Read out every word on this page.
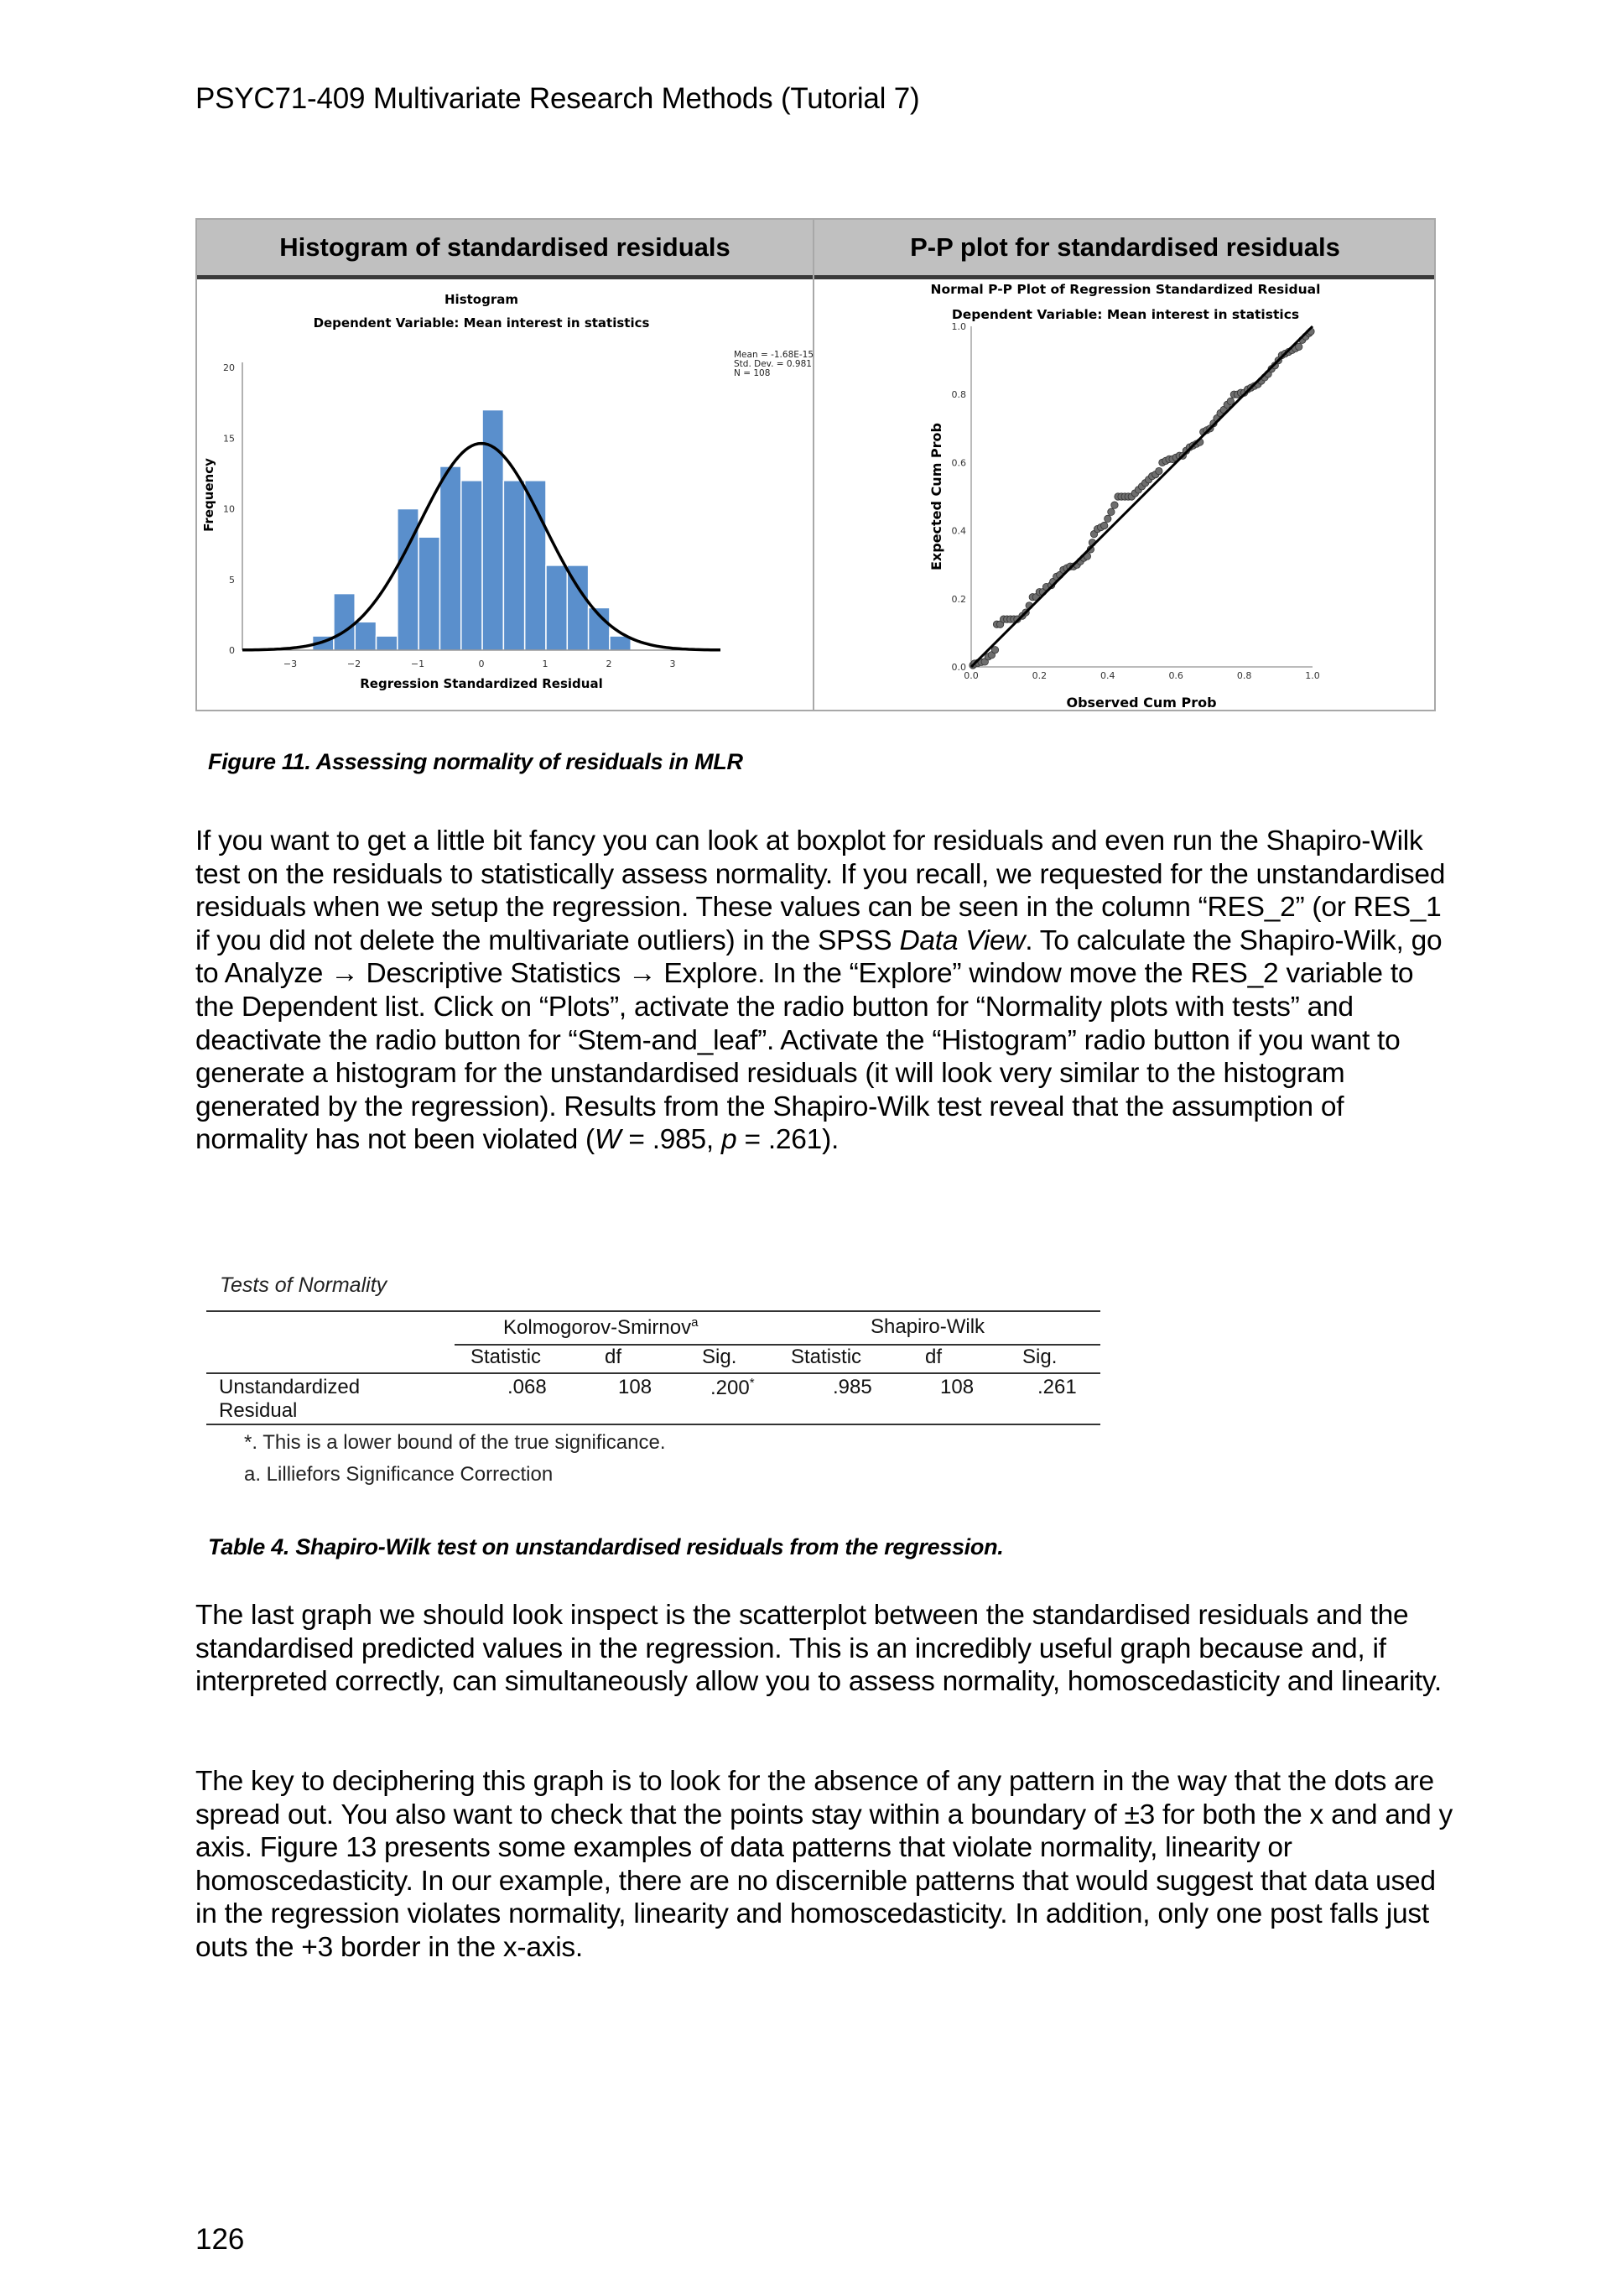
PSYC71-409 Multivariate Research Methods (Tutorial 7)
Histogram of standardised residuals	P-P plot for standardised residuals
Histogram
Dependent Variable: Mean interest in statistics
0
5
10
15
20
−3	−2	−1	0	1	2	3
Mean = -1.68E-15
Std. Dev. = 0.981
N = 108
Regression Standardized Residual
Frequency
Normal P-P Plot of Regression Standardized Residual
Dependent Variable: Mean interest in statistics
0.0
0.2
0.4
0.6
0.8
1.0
0.0	0.2	0.4	0.6	0.8	1.0
Observed Cum Prob
Expected Cum Prob
Figure 11. Assessing normality of residuals in MLR

If you want to get a little bit fancy you can look at boxplot for residuals and even run the Shapiro-Wilk test on the residuals to statistically assess normality. If you recall, we requested for the unstandardised residuals when we setup the regression. These values can be seen in the column “RES_2” (or RES_1 if you did not delete the multivariate outliers) in the SPSS Data View. To calculate the Shapiro-Wilk, go to Analyze → Descriptive Statistics → Explore. In the “Explore” window move the RES_2 variable to the Dependent list. Click on “Plots”, activate the radio button for “Normality plots with tests” and deactivate the radio button for “Stem-and_leaf”. Activate the “Histogram” radio button if you want to generate a histogram for the unstandardised residuals (it will look very similar to the histogram generated by the regression). Results from the Shapiro-Wilk test reveal that the assumption of normality has not been violated (W = .985, p = .261).

Tests of Normality
Kolmogorov-Smirnov$^a$	Shapiro-Wilk
Statistic	df	Sig.	Statistic	df	Sig.
Unstandardized
Residual
.068	108	.200*	.985	108	.261
*. This is a lower bound of the true significance.
a. Lilliefors Significance Correction
Table 4. Shapiro-Wilk test on unstandardised residuals from the regression.

The last graph we should look inspect is the scatterplot between the standardised residuals and the standardised predicted values in the regression. This is an incredibly useful graph because and, if interpreted correctly, can simultaneously allow you to assess normality, homoscedasticity and linearity.

The key to deciphering this graph is to look for the absence of any pattern in the way that the dots are spread out. You also want to check that the points stay within a boundary of ±3 for both the x and and y axis. Figure 13 presents some examples of data patterns that violate normality, linearity or homoscedasticity. In our example, there are no discernible patterns that would suggest that data used in the regression violates normality, linearity and homoscedasticity. In addition, only one post falls just outs the +3 border in the x-axis.

126
